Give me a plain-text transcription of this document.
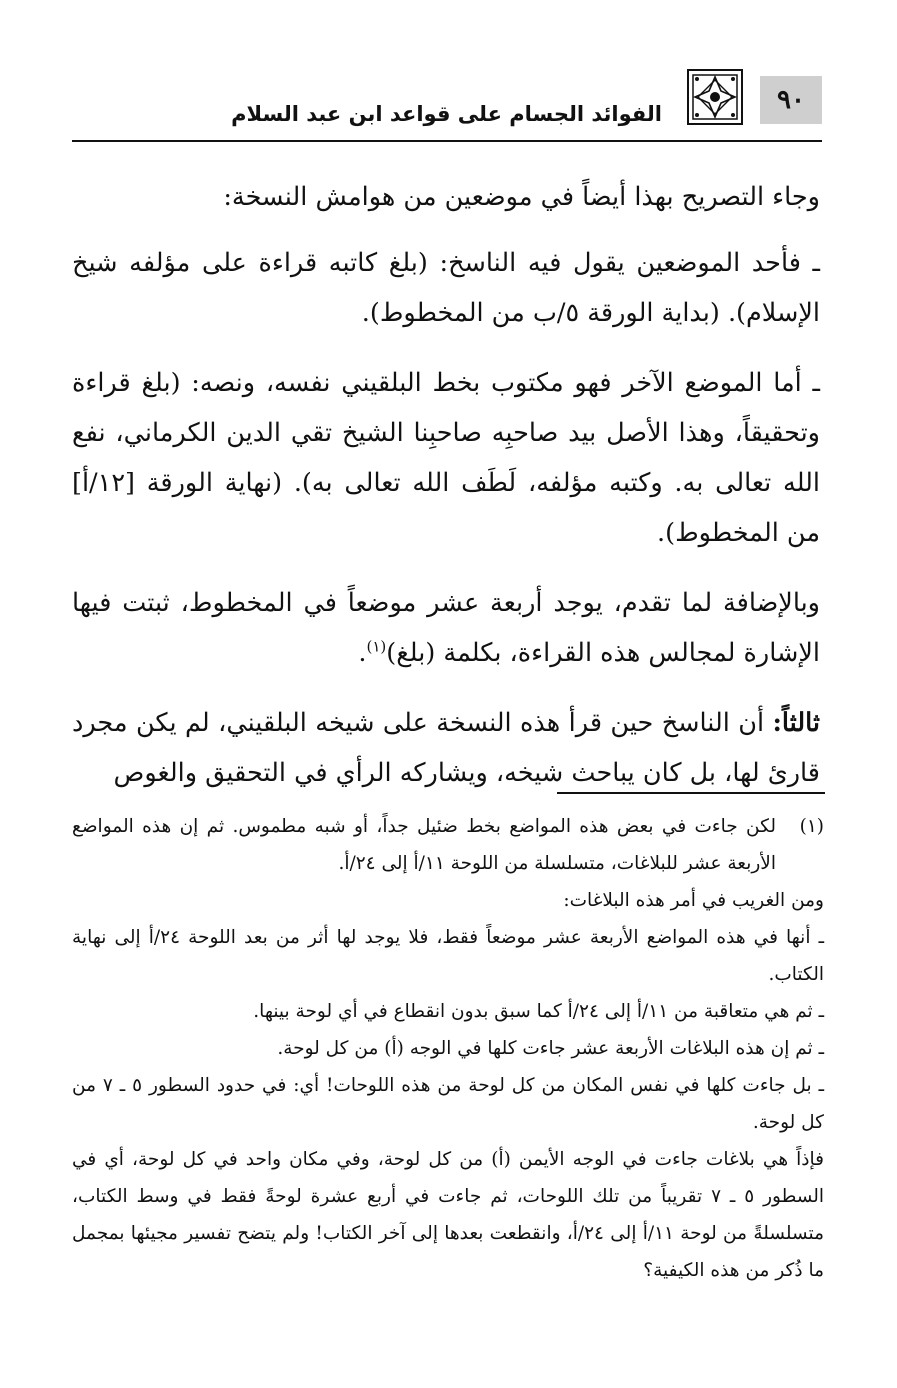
٩٠
الفوائد الجسام على قواعد ابن عبد السلام

وجاء التصريح بهذا أيضاً في موضعين من هوامش النسخة:

ـ فأحد الموضعين يقول فيه الناسخ: (بلغ كاتبه قراءة على مؤلفه شيخ الإسلام). (بداية الورقة ٥/ب من المخطوط).

ـ أما الموضع الآخر فهو مكتوب بخط البلقيني نفسه، ونصه: (بلغ قراءة وتحقيقاً، وهذا الأصل بيد صاحبِه صاحبِنا الشيخ تقي الدين الكرماني، نفع الله تعالى به. وكتبه مؤلفه، لَطَف الله تعالى به). (نهاية الورقة [١٢/أ] من المخطوط).

وبالإضافة لما تقدم، يوجد أربعة عشر موضعاً في المخطوط، ثبتت فيها الإشارة لمجالس هذه القراءة، بكلمة (بلغ)$^{(١)}$.

ثالثاً: أن الناسخ حين قرأ هذه النسخة على شيخه البلقيني، لم يكن مجرد قارئ لها، بل كان يباحث شيخه، ويشاركه الرأي في التحقيق والغوص

(١)
لكن جاءت في بعض هذه المواضع بخط ضئيل جداً، أو شبه مطموس. ثم إن هذه المواضع الأربعة عشر للبلاغات، متسلسلة من اللوحة ١١/أ إلى ٢٤/أ.

ومن الغريب في أمر هذه البلاغات:

ـ أنها في هذه المواضع الأربعة عشر موضعاً فقط، فلا يوجد لها أثر من بعد اللوحة ٢٤/أ إلى نهاية الكتاب.

ـ ثم هي متعاقبة من ١١/أ إلى ٢٤/أ كما سبق بدون انقطاع في أي لوحة بينها.

ـ ثم إن هذه البلاغات الأربعة عشر جاءت كلها في الوجه (أ) من كل لوحة.

ـ بل جاءت كلها في نفس المكان من كل لوحة من هذه اللوحات! أي: في حدود السطور ٥ ـ ٧ من كل لوحة.

فإذاً هي بلاغات جاءت في الوجه الأيمن (أ) من كل لوحة، وفي مكان واحد في كل لوحة، أي في السطور ٥ ـ ٧ تقريباً من تلك اللوحات، ثم جاءت في أربع عشرة لوحةً فقط في وسط الكتاب، متسلسلةً من لوحة ١١/أ إلى ٢٤/أ، وانقطعت بعدها إلى آخر الكتاب! ولم يتضح تفسير مجيئها بمجمل ما ذُكر من هذه الكيفية؟
